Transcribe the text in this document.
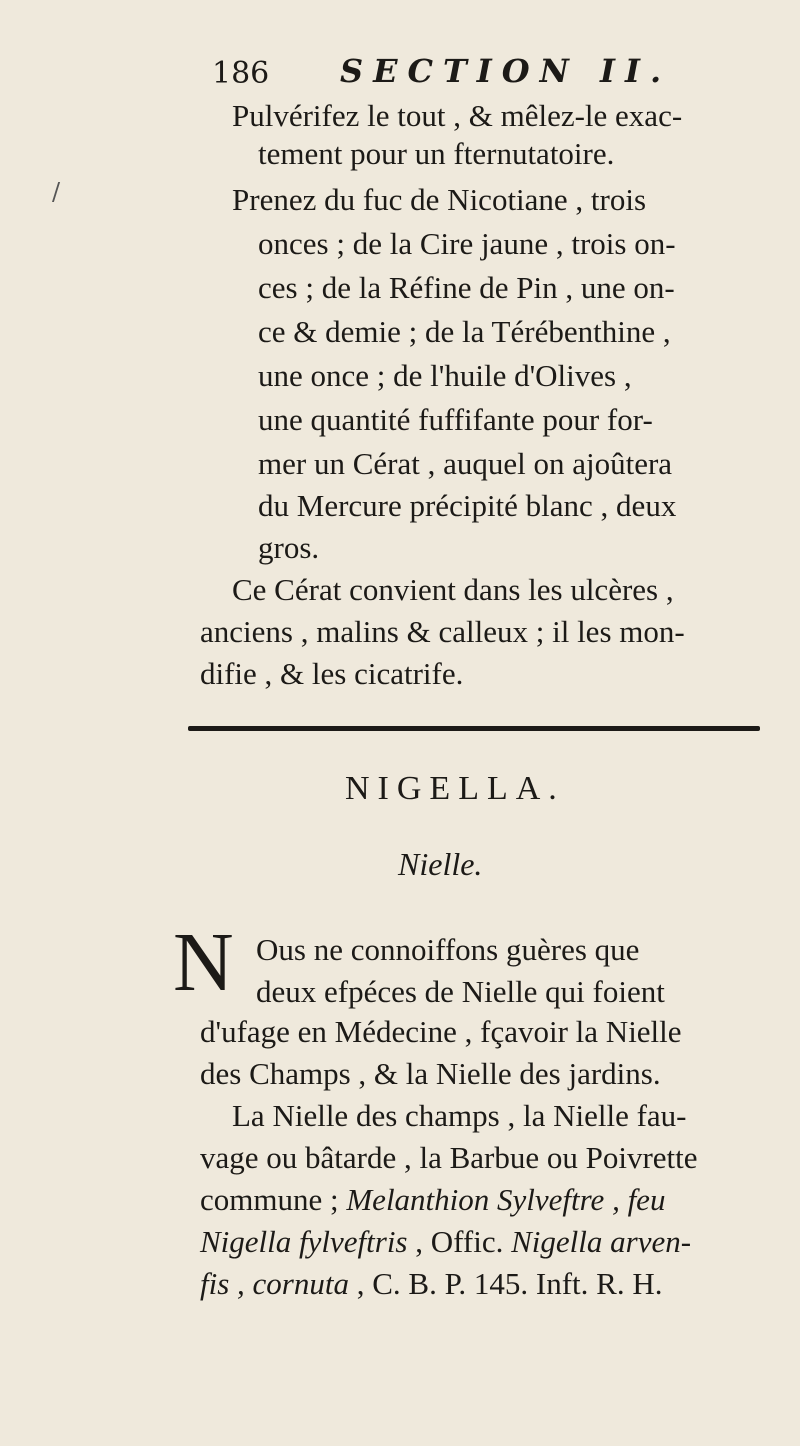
/
186 SECTION II.
Pulvérifez le tout , & mêlez-le exac-
tement pour un fternutatoire.
Prenez du fuc de Nicotiane , trois
onces ; de la Cire jaune , trois on-
ces ; de la Réfine de Pin , une on-
ce & demie ; de la Térébenthine ,
une once ; de l'huile d'Olives ,
une quantité fuffifante pour for-
mer un Cérat , auquel on ajoûtera
du Mercure précipité blanc , deux
gros.
Ce Cérat convient dans les ulcères ,
anciens , malins & calleux ; il les mon-
difie , & les cicatrife.
NIGELLA.
Nielle.
N Ous ne connoiffons guères que
deux efpéces de Nielle qui foient
d'ufage en Médecine , fçavoir la Nielle
des Champs , & la Nielle des jardins.
La Nielle des champs , la Nielle fau-
vage ou bâtarde , la Barbue ou Poivrette
commune ; Melanthion Sylveftre , feu
Nigella fylveftris , Offic. Nigella arven-
fis , cornuta , C. B. P. 145. Inft. R. H.
